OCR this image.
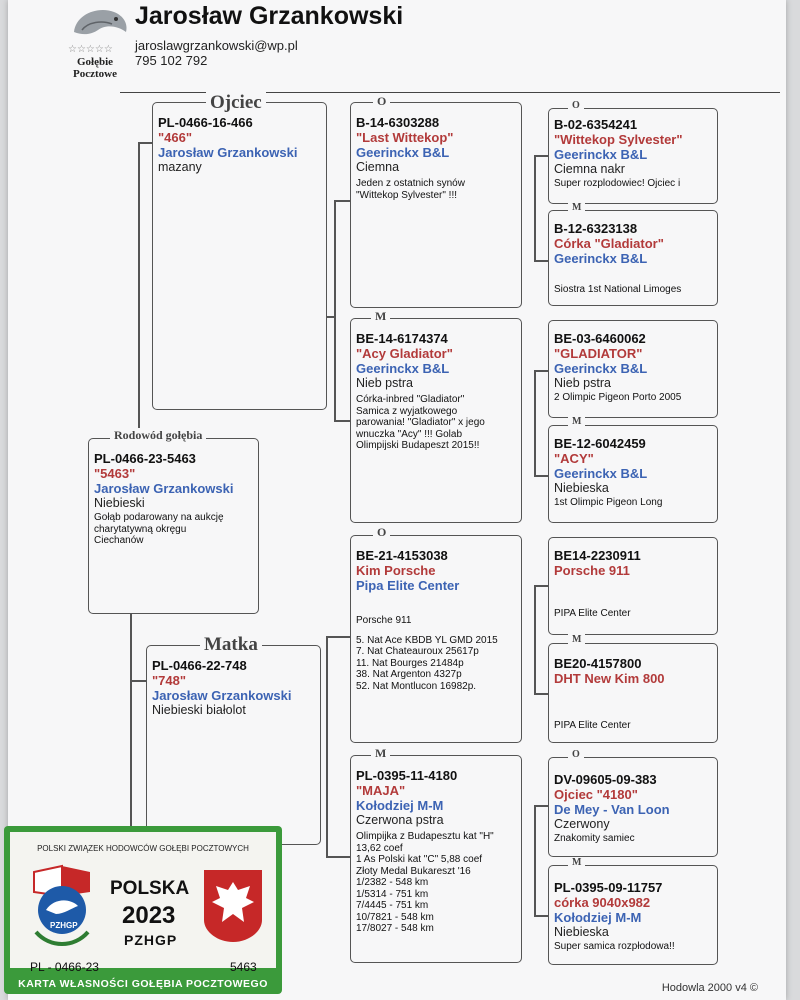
☆☆☆☆☆
Gołębie
Pocztowe
Jarosław Grzankowski
jaroslawgrzankowski@wp.pl
795 102 792
PL-0466-16-466
"466"
Jarosław Grzankowski
mazany
Ojciec
PL-0466-23-5463
"5463"
Jarosław Grzankowski
Niebieski
Gołąb podarowany na aukcję charytatywną okręgu Ciechanów
Rodowód gołębia
PL-0466-22-748
"748"
Jarosław Grzankowski
Niebieski białolot
Matka
B-14-6303288
"Last Wittekop"
Geerinckx B&L
Ciemna
Jeden z ostatnich synów "Wittekop Sylvester" !!!
O
BE-14-6174374
"Acy Gladiator"
Geerinckx B&L
Nieb pstra
Córka-inbred "Gladiator" Samica z wyjatkowego parowania! "Gladiator" x jego wnuczka "Acy" !!! Golab Olimpijski Budapeszt 2015!!
M
BE-21-4153038
Kim Porsche
Pipa Elite Center
Porsche 911
5. Nat Ace KBDB YL GMD 2015
7. Nat Chateauroux 25617p
11. Nat Bourges 21484p
38. Nat Argenton 4327p
52. Nat Montlucon 16982p.
O
PL-0395-11-4180
"MAJA"
Kołodziej M-M
Czerwona pstra
Olimpijka z Budapesztu kat "H" 13,62 coef
1 As Polski kat "C" 5,88 coef
Złoty Medal Bukareszt '16
1/2382 - 548 km
1/5314 - 751 km
7/4445 - 751 km
10/7821 - 548 km
17/8027 - 548 km
M
B-02-6354241
"Wittekop Sylvester"
Geerinckx B&L
Ciemna nakr
Super rozplodowiec! Ojciec i
O
B-12-6323138
Córka "Gladiator"
Geerinckx B&L
Siostra 1st National Limoges
M
BE-03-6460062
"GLADIATOR"
Geerinckx B&L
Nieb pstra
2 Olimpic Pigeon Porto 2005
BE-12-6042459
"ACY"
Geerinckx B&L
Niebieska
1st Olimpic Pigeon Long
M
BE14-2230911
Porsche 911
PIPA Elite Center
BE20-4157800
DHT New Kim 800
PIPA Elite Center
M
DV-09605-09-383
Ojciec "4180"
De Mey - Van Loon
Czerwony
Znakomity samiec
O
PL-0395-09-11757
córka 9040x982
Kołodziej M-M
Niebieska
Super samica rozpłodowa!!
M
Hodowla 2000 v4 ©
POLSKI ZWIĄZEK HODOWCÓW GOŁĘBI POCZTOWYCH
PZHGP
POLSKA
2023
PZHGP
PL - 0466-23	5463
KARTA WŁASNOŚCI GOŁĘBIA POCZTOWEGO
